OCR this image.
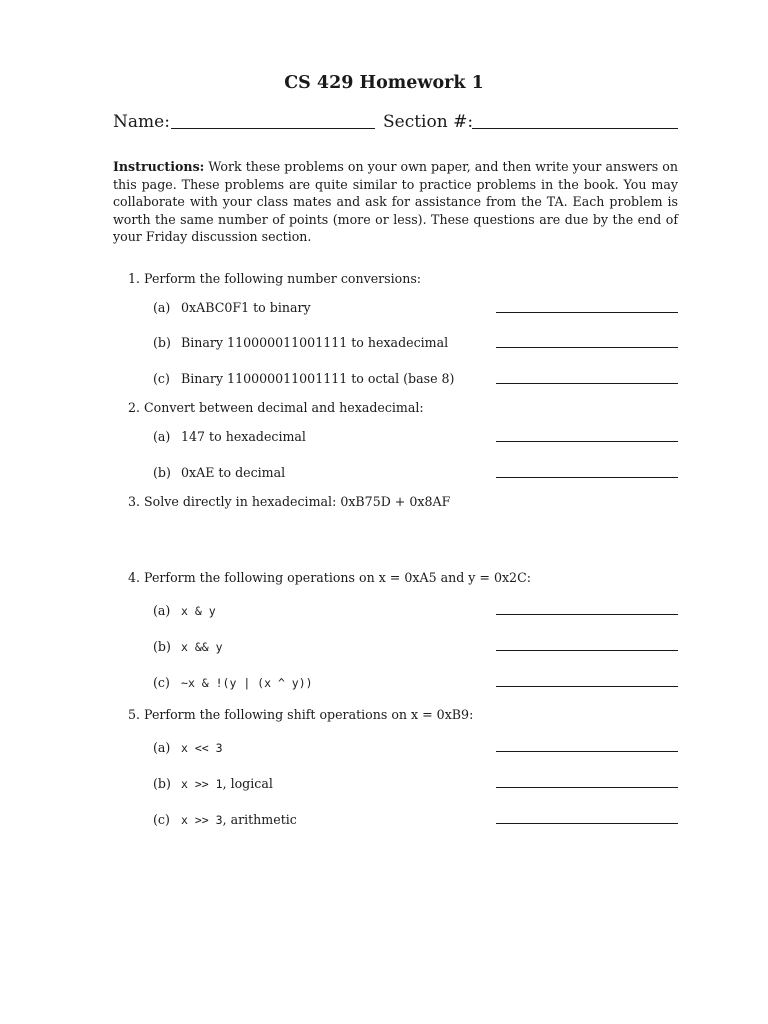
CS 429 Homework 1
Name:	Section #:
Instructions: Work these problems on your own paper, and then write your answers on this page. These problems are quite similar to practice problems in the book. You may collaborate with your class mates and ask for assistance from the TA. Each problem is worth the same number of points (more or less). These questions are due by the end of your Friday discussion section.
1. Perform the following number conversions:
(a) 0xABC0F1 to binary
(b) Binary 110000011001111 to hexadecimal
(c) Binary 110000011001111 to octal (base 8)
2. Convert between decimal and hexadecimal:
(a) 147 to hexadecimal
(b) 0xAE to decimal
3. Solve directly in hexadecimal: 0xB75D + 0x8AF
4. Perform the following operations on x = 0xA5 and y = 0x2C:
(a) x & y
(b) x && y
(c) ~x & !(y | (x ^ y))
5. Perform the following shift operations on x = 0xB9:
(a) x << 3
(b) x >> 1, logical
(c) x >> 3, arithmetic
